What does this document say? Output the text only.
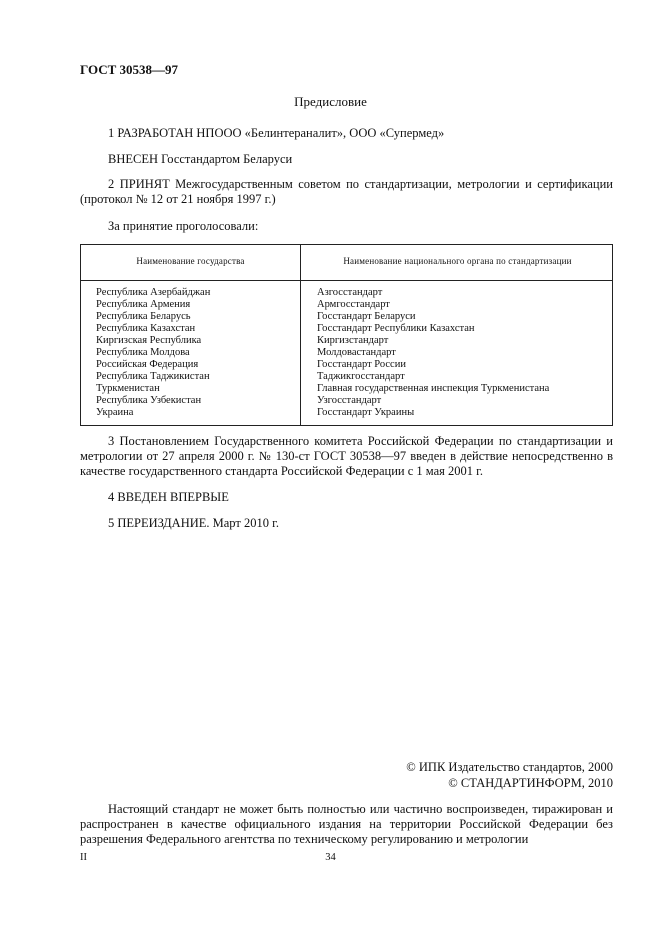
ГОСТ 30538—97
Предисловие
1 РАЗРАБОТАН НПООО «Белинтераналит», ООО «Супермед»
ВНЕСЕН Госстандартом Беларуси
2 ПРИНЯТ Межгосударственным советом по стандартизации, метрологии и сертификации (протокол № 12 от 21 ноября 1997 г.)
За принятие проголосовали:
Наименование государства	Наименование национального органа по стандартизации
Республика Азербайджан
Республика Армения
Республика Беларусь
Республика Казахстан
Киргизская Республика
Республика Молдова
Российская Федерация
Республика Таджикистан
Туркменистан
Республика Узбекистан
Украина
Азгосстандарт
Армгосстандарт
Госстандарт Беларуси
Госстандарт Республики Казахстан
Киргизстандарт
Молдовастандарт
Госстандарт России
Таджикгосстандарт
Главная государственная инспекция Туркменистана
Узгосстандарт
Госстандарт Украины
3 Постановлением Государственного комитета Российской Федерации по стандартизации и метрологии от 27 апреля 2000 г. № 130-ст ГОСТ 30538—97 введен в действие непосредственно в качестве государственного стандарта Российской Федерации с 1 мая 2001 г.
4 ВВЕДЕН ВПЕРВЫЕ
5 ПЕРЕИЗДАНИЕ. Март 2010 г.
© ИПК Издательство стандартов, 2000
© СТАНДАРТИНФОРМ, 2010
Настоящий стандарт не может быть полностью или частично воспроизведен, тиражирован и распространен в качестве официального издания на территории Российской Федерации без разрешения Федерального агентства по техническому регулированию и метрологии
II	34
